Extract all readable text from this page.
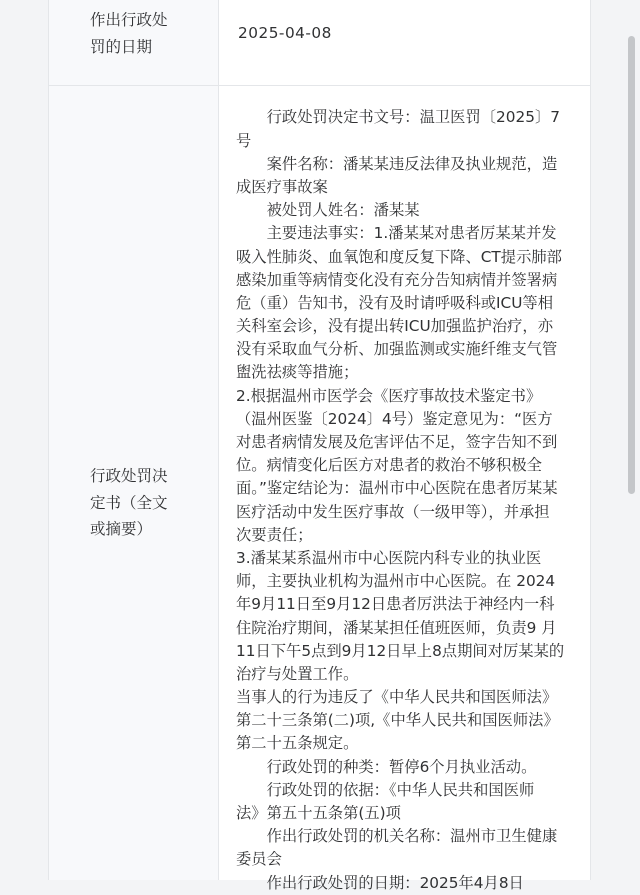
作出行政处罚的日期
2025-04-08
行政处罚决定书（全文或摘要）
行政处罚决定书文号：温卫医罚〔2025〕7
号
案件名称：潘某某违反法律及执业规范，造
成医疗事故案
被处罚人姓名：潘某某
主要违法事实：1.潘某某对患者厉某某并发
吸入性肺炎、血氧饱和度反复下降、CT提示肺部
感染加重等病情变化没有充分告知病情并签署病
危（重）告知书，没有及时请呼吸科或ICU等相
关科室会诊，没有提出转ICU加强监护治疗，亦
没有采取血气分析、加强监测或实施纤维支气管
盥洗祛痰等措施；
2.根据温州市医学会《医疗事故技术鉴定书》
（温州医鉴〔2024〕4号）鉴定意见为：“医方
对患者病情发展及危害评估不足，签字告知不到
位。病情变化后医方对患者的救治不够积极全
面。”鉴定结论为：温州市中心医院在患者厉某某
医疗活动中发生医疗事故（一级甲等），并承担
次要责任；
3.潘某某系温州市中心医院内科专业的执业医
师，主要执业机构为温州市中心医院。在 2024
年9月11日至9月12日患者厉洪法于神经内一科
住院治疗期间，潘某某担任值班医师，负责9 月
11日下午5点到9月12日早上8点期间对厉某某的
治疗与处置工作。
当事人的行为违反了《中华人民共和国医师法》
第二十三条第(二)项,《中华人民共和国医师法》
第二十五条规定。
行政处罚的种类：暂停6个月执业活动。
行政处罚的依据：《中华人民共和国医师
法》第五十五条第(五)项
作出行政处罚的机关名称：温州市卫生健康
委员会
作出行政处罚的日期：2025年4月8日
